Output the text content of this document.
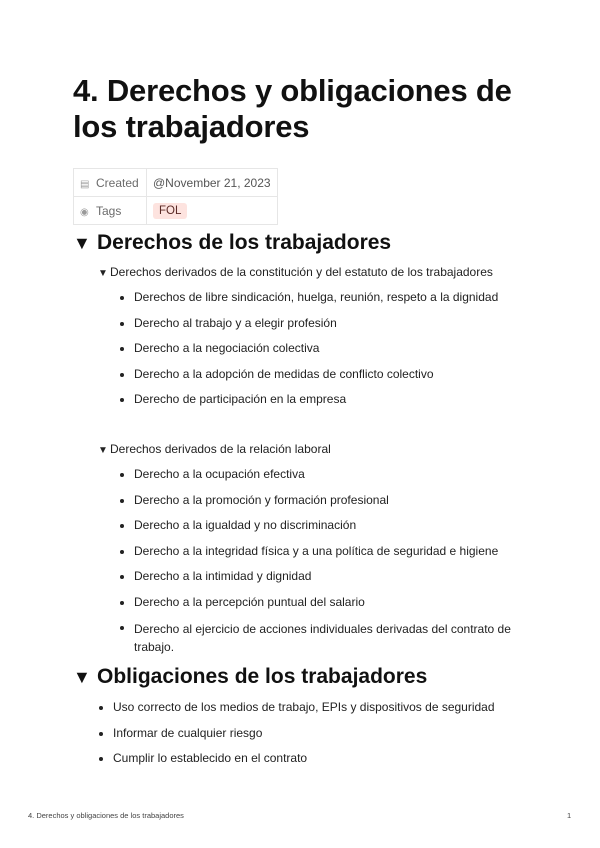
4. Derechos y obligaciones de los trabajadores
▤ Created	@November 21, 2023
◉ Tags	FOL
▼ Derechos de los trabajadores
▼ Derechos derivados de la constitución y del estatuto de los trabajadores
Derechos de libre sindicación, huelga, reunión, respeto a la dignidad
Derecho al trabajo y a elegir profesión
Derecho a la negociación colectiva
Derecho a la adopción de medidas de conflicto colectivo
Derecho de participación en la empresa
▼ Derechos derivados de la relación laboral
Derecho a la ocupación efectiva
Derecho a la promoción y formación profesional
Derecho a la igualdad y no discriminación
Derecho a la integridad física y a una política de seguridad e higiene
Derecho a la intimidad y dignidad
Derecho a la percepción puntual del salario
Derecho al ejercicio de acciones individuales derivadas del contrato de trabajo.
▼ Obligaciones de los trabajadores
Uso correcto de los medios de trabajo, EPIs y dispositivos de seguridad
Informar de cualquier riesgo
Cumplir lo establecido en el contrato
4. Derechos y obligaciones de los trabajadores	1
